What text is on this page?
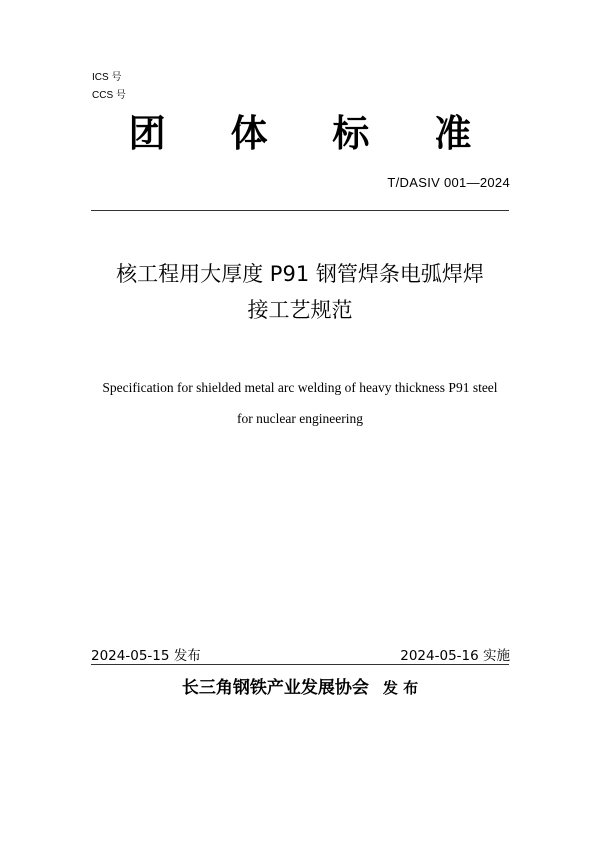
ICS 号
CCS 号
团 体 标 准
T/DASIV 001—2024
核工程用大厚度 P91 钢管焊条电弧焊焊
接工艺规范
Specification for shielded metal arc welding of heavy thickness P91 steel
for nuclear engineering
2024-05-15 发布	2024-05-16 实施
长三角钢铁产业发展协会 发 布
